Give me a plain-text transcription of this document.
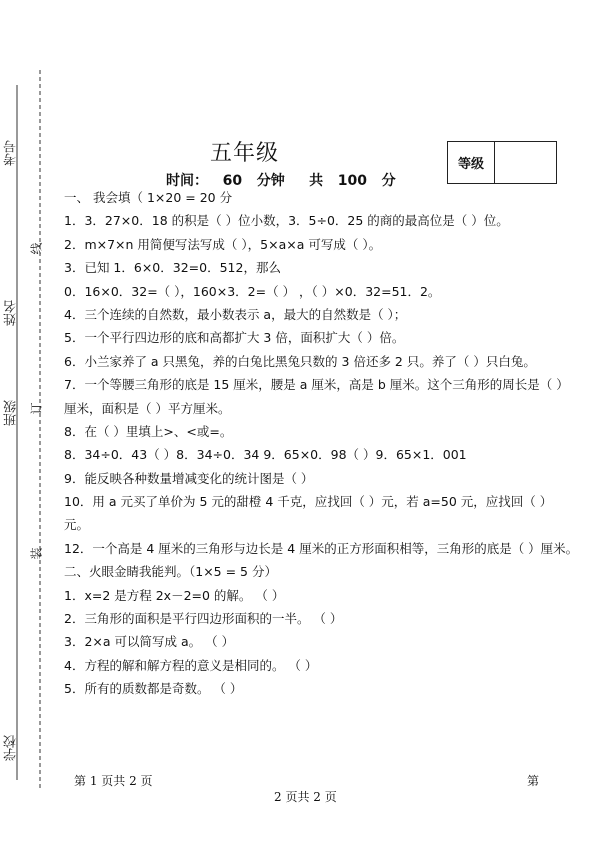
学校
班级
姓名
考号
装
订
线
五年级
时间：   60   分钟     共   100   分
等级
一、 我会填（ 1×20 = 20 分
1．3．27×0．18 的积是（ ）位小数，3．5÷0．25 的商的最高位是（ ）位。
2．m×7×n 用简便写法写成（ ），5×a×a 可写成（ ）。
3．已知 1．6×0．32=0．512，那么
0．16×0．32=（ ），160×3．2=（ ） ，（ ）×0．32=51．2。
4．三个连续的自然数，最小数表示 a，最大的自然数是（ ）；
5．一个平行四边形的底和高都扩大 3 倍，面积扩大（ ）倍。
6．小兰家养了 a 只黑兔，养的白兔比黑兔只数的 3 倍还多 2 只。养了（ ）只白兔。
7．一个等腰三角形的底是 15 厘米，腰是 a 厘米，高是 b 厘米。这个三角形的周长是（ ）
厘米，面积是（ ）平方厘米。
8．在（ ）里填上>、<或=。
8．34÷0．43（ ）8．34÷0．34 9．65×0．98（ ）9．65×1．001
9．能反映各种数量增减变化的统计图是（ ）
10．用 a 元买了单价为 5 元的甜橙 4 千克，应找回（ ）元，若 a=50 元，应找回（ ）
元。
12．一个高是 4 厘米的三角形与边长是 4 厘米的正方形面积相等，三角形的底是（ ）厘米。
二、火眼金睛我能判。（1×5 = 5 分）
1．x=2 是方程 2x－2=0 的解。 （ ）
2．三角形的面积是平行四边形面积的一半。 （ ）
3．2×a 可以简写成 a。 （ ）
4．方程的解和解方程的意义是相同的。 （ ）
5．所有的质数都是奇数。 （ ）
第 1 页共 2 页	第
2 页共 2 页
